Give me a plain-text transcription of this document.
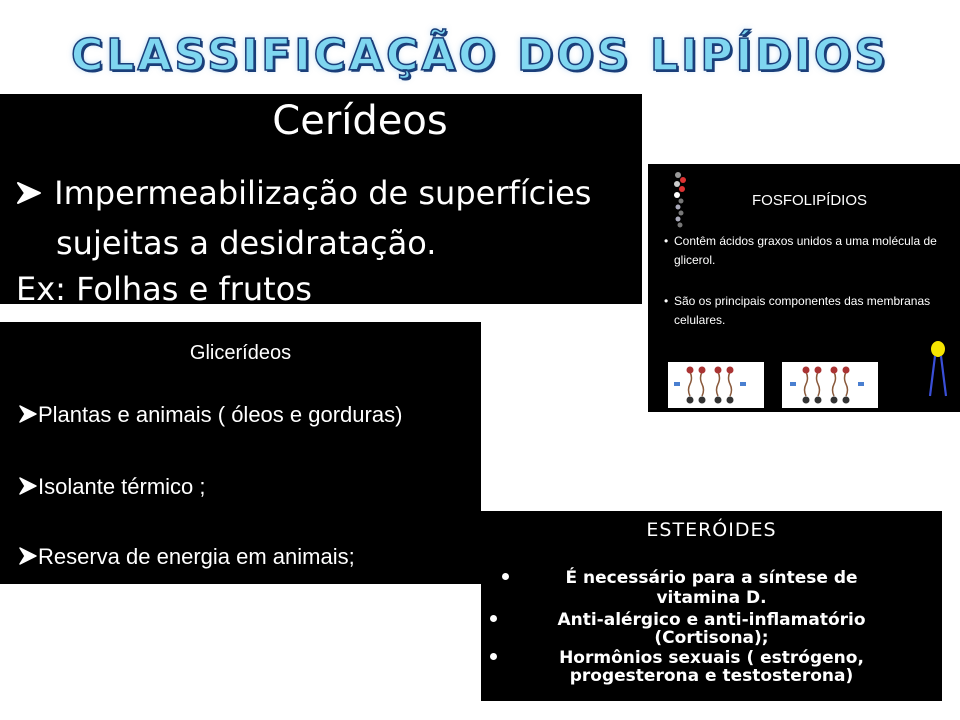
CLASSIFICAÇÃO DOS LIPÍDIOS
Cerídeos
Impermeabilização de superfícies
sujeitas a desidratação.
Ex: Folhas e frutos
FOSFOLIPÍDIOS
• Contêm ácidos graxos unidos a uma molécula de glicerol.
• São os principais componentes das membranas celulares.
Glicerídeos
Plantas e animais ( óleos e gorduras)
Isolante térmico ;
Reserva de energia em animais;
ESTERÓIDES
É necessário para a síntese de
vitamina D.
Anti-alérgico e anti-inflamatório
(Cortisona);
Hormônios sexuais ( estrógeno,
progesterona e testosterona)
